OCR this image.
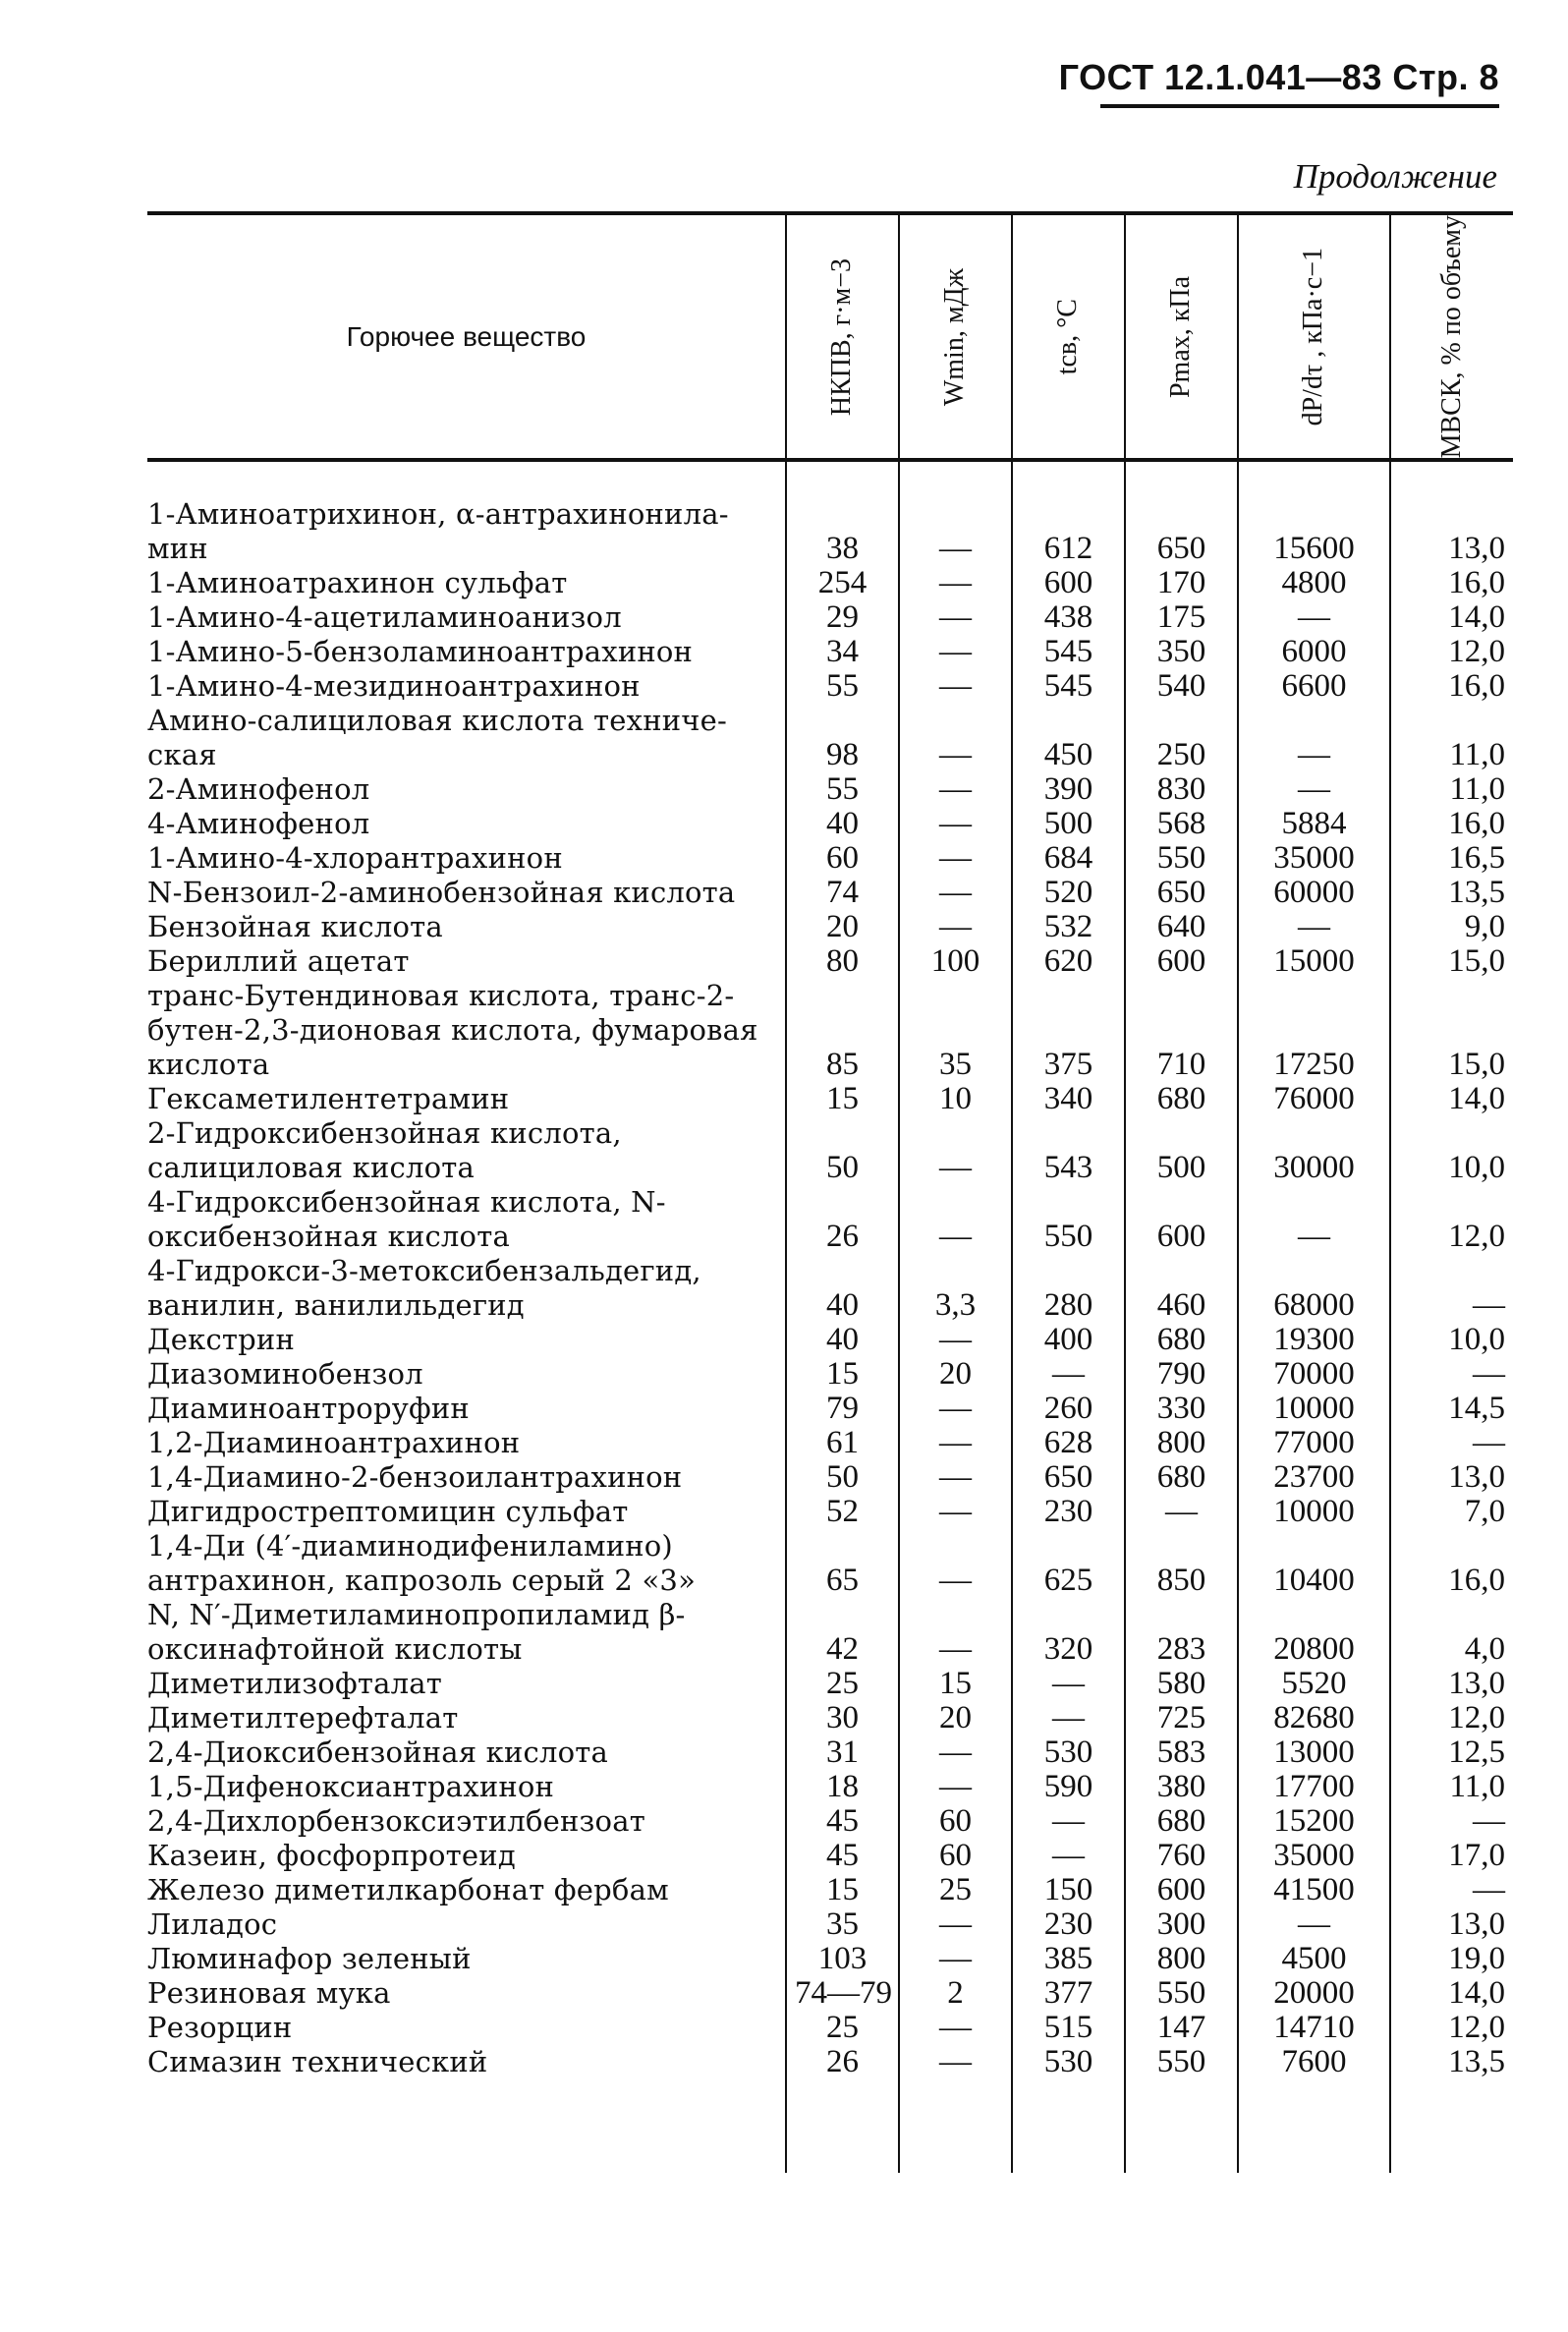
ГОСТ 12.1.041—83 Стр. 8
Продолжение
Горючее вещество	НКПВ, г·м−3	Wmin, мДж	tсв, °С	Pmax, кПа	dP/dτ , кПа·с−1	МВСК, % по объему

1-Аминоатрихинон, α-антрахинониламин	38	—	612	650	15600	13,0
1-Аминоатрахинон сульфат	254	—	600	170	4800	16,0
1-Амино-4-ацетиламиноанизол	29	—	438	175	—	14,0
1-Амино-5-бензоламиноантрахинон	34	—	545	350	6000	12,0
1-Амино-4-мезидиноантрахинон	55	—	545	540	6600	16,0
Амино-салициловая кислота техническая	98	—	450	250	—	11,0
2-Аминофенол	55	—	390	830	—	11,0
4-Аминофенол	40	—	500	568	5884	16,0
1-Амино-4-хлорантрахинон	60	—	684	550	35000	16,5
N-Бензоил-2-аминобензойная кислота	74	—	520	650	60000	13,5
Бензойная кислота	20	—	532	640	—	9,0
Бериллий ацетат	80	100	620	600	15000	15,0
транс-Бутендиновая кислота, транс-2-бутен-2,3-дионовая кислота, фумаровая кислота	85	35	375	710	17250	15,0
Гексаметилентетрамин	15	10	340	680	76000	14,0
2-Гидроксибензойная кислота, салициловая кислота	50	—	543	500	30000	10,0
4-Гидроксибензойная кислота, N-оксибензойная кислота	26	—	550	600	—	12,0
4-Гидрокси-3-метоксибензальдегид, ванилин, ванилильдегид	40	3,3	280	460	68000	—
Декстрин	40	—	400	680	19300	10,0
Диазоминобензол	15	20	—	790	70000	—
Диаминоантроруфин	79	—	260	330	10000	14,5
1,2-Диаминоантрахинон	61	—	628	800	77000	—
1,4-Диамино-2-бензоилантрахинон	50	—	650	680	23700	13,0
Дигидрострептомицин сульфат	52	—	230	—	10000	7,0
1,4-Ди (4′-диаминодифениламино) антрахинон, капрозоль серый 2 «3»	65	—	625	850	10400	16,0
N, N′-Диметиламинопропиламид β-оксинафтойной кислоты	42	—	320	283	20800	4,0
Диметилизофталат	25	15	—	580	5520	13,0
Диметилтерефталат	30	20	—	725	82680	12,0
2,4-Диоксибензойная кислота	31	—	530	583	13000	12,5
1,5-Дифеноксиантрахинон	18	—	590	380	17700	11,0
2,4-Дихлорбензоксиэтилбензоат	45	60	—	680	15200	—
Казеин, фосфорпротеид	45	60	—	760	35000	17,0
Железо диметилкарбонат фербам	15	25	150	600	41500	—
Лиладос	35	—	230	300	—	13,0
Люминафор зеленый	103	—	385	800	4500	19,0
Резиновая мука	74—79	2	377	550	20000	14,0
Резорцин	25	—	515	147	14710	12,0
Симазин технический	26	—	530	550	7600	13,5
